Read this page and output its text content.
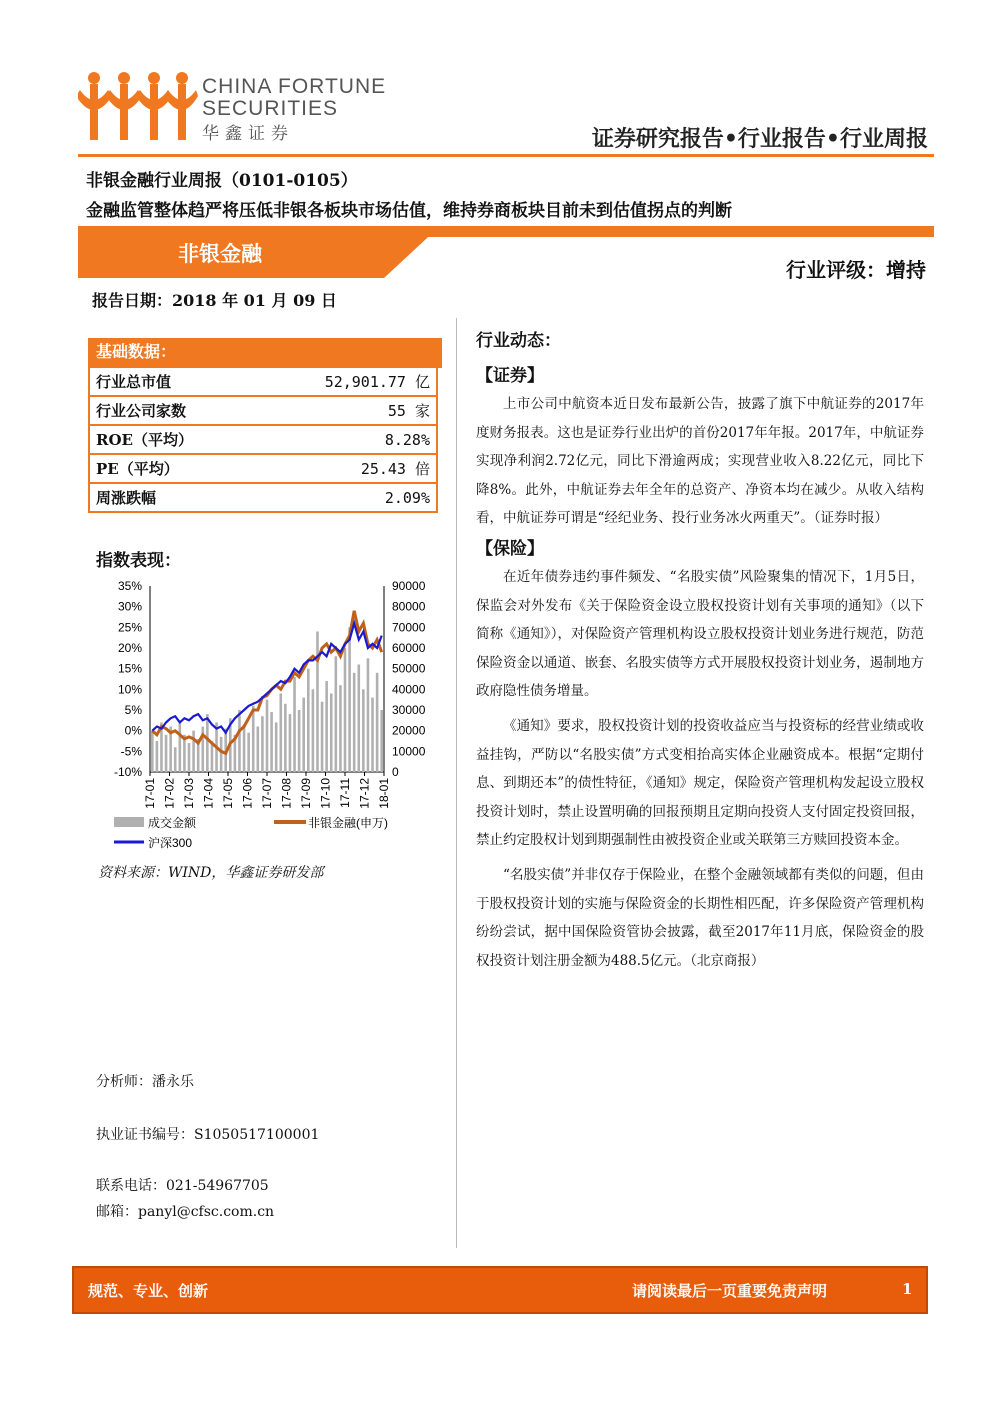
CHINA FORTUNE
SECURITIES
华鑫证券	证券研究报告•行业报告•行业周报
非银金融行业周报（0101-0105）
金融监管整体趋严将压低非银各板块市场估值，维持券商板块目前未到估值拐点的判断
非银金融
行业评级：增持
报告日期：2018 年 01 月 09 日
基础数据：
行业总市值	52,901.77 亿
行业公司家数	55 家
ROE（平均）	8.28%
PE（平均）	25.43 倍
周涨跌幅	2.09%
指数表现：
35%
30%
25%
20%
15%
10%
5%
0%
-5%
-10%
90000
80000
70000
60000
50000
40000
30000
20000
10000
0
17-01 17-02 17-03 17-04 17-05 17-06 17-07 17-08 17-09 17-10 17-11 17-12 18-01
成交金额	非银金融(申万)
沪深300
资料来源：WIND，华鑫证券研发部
分析师：潘永乐
执业证书编号：S1050517100001
联系电话：021-54967705
邮箱：panyl@cfsc.com.cn
行业动态：
【证券】

上市公司中航资本近日发布最新公告，披露了旗下中航证券的2017年度财务报表。这也是证券行业出炉的首份2017年年报。2017年，中航证券实现净利润2.72亿元，同比下滑逾两成；实现营业收入8.22亿元，同比下降8%。此外，中航证券去年全年的总资产、净资本均在减少。从收入结构看，中航证券可谓是“经纪业务、投行业务冰火两重天”。（证券时报）

【保险】

在近年债券违约事件频发、“名股实债”风险聚集的情况下，1月5日，保监会对外发布《关于保险资金设立股权投资计划有关事项的通知》（以下简称《通知》），对保险资产管理机构设立股权投资计划业务进行规范，防范保险资金以通道、嵌套、名股实债等方式开展股权投资计划业务，遏制地方政府隐性债务增量。

《通知》要求，股权投资计划的投资收益应当与投资标的经营业绩或收益挂钩，严防以“名股实债”方式变相抬高实体企业融资成本。根据“定期付息、到期还本”的债性特征，《通知》规定，保险资产管理机构发起设立股权投资计划时，禁止设置明确的回报预期且定期向投资人支付固定投资回报，禁止约定股权计划到期强制性由被投资企业或关联第三方赎回投资本金。

“名股实债”并非仅存于保险业，在整个金融领域都有类似的问题，但由于股权投资计划的实施与保险资金的长期性相匹配，许多保险资产管理机构纷纷尝试，据中国保险资管协会披露，截至2017年11月底，保险资金的股权投资计划注册金额为488.5亿元。（北京商报）

规范、专业、创新	请阅读最后一页重要免责声明	1
